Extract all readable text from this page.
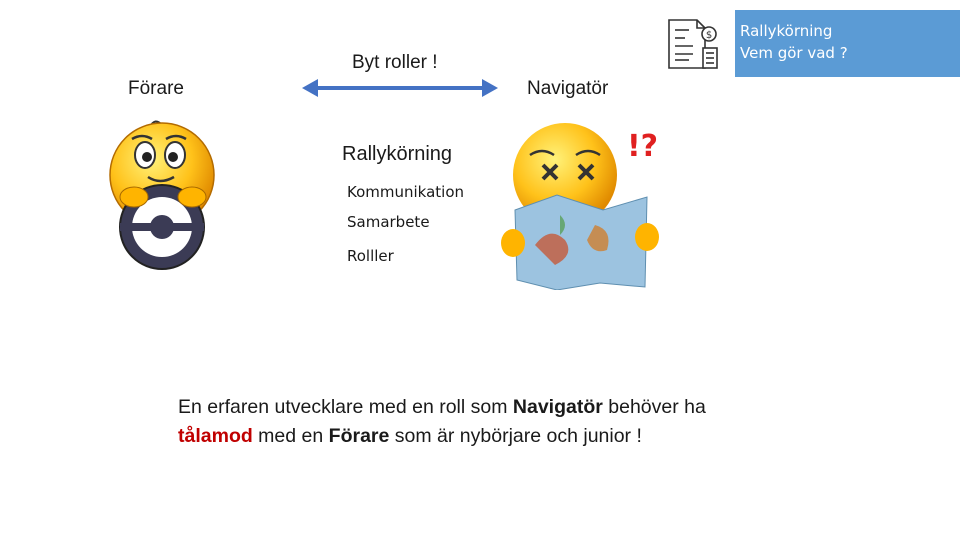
$ Rallykörning
Vem gör vad ?
Förare
Byt roller !
Navigatör
!?
Rallykörning
Kommunikation
Samarbete
Rolller
En erfaren utvecklare med en roll som Navigatör behöver ha
tålamod med en Förare som är nybörjare och junior !
